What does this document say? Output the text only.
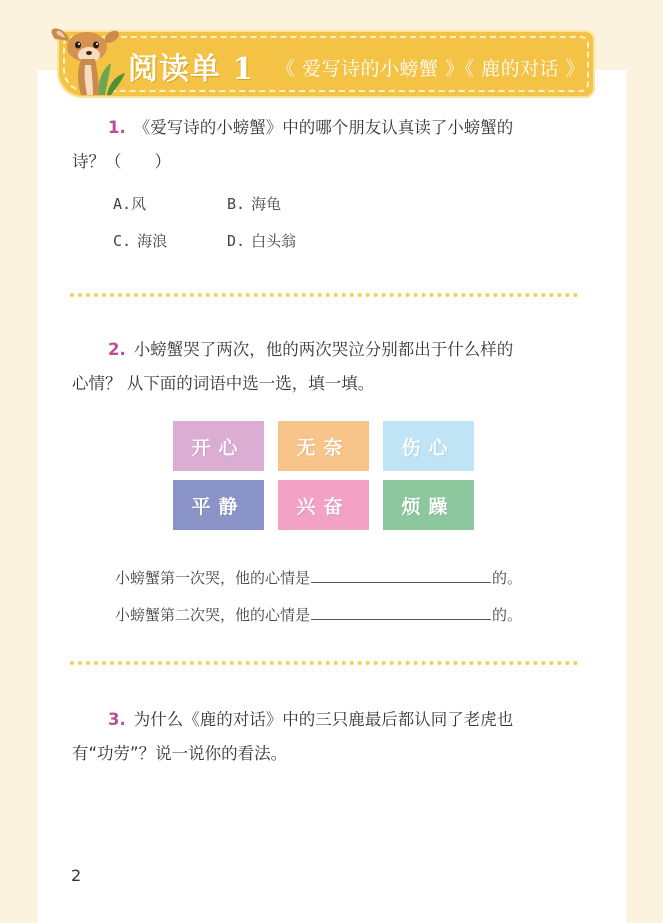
阅读单 1 《 爱写诗的小螃蟹 》《 鹿的对话 》
1. 《爱写诗的小螃蟹》中的哪个朋友认真读了小螃蟹的
诗？（　　）
A.风	B. 海龟
C. 海浪	D. 白头翁
2. 小螃蟹哭了两次，他的两次哭泣分别都出于什么样的
心情？ 从下面的词语中选一选，填一填。
开心	无奈	伤心
平静	兴奋	烦躁
小螃蟹第一次哭，他的心情是	的。
小螃蟹第二次哭，他的心情是	的。
3. 为什么《鹿的对话》中的三只鹿最后都认同了老虎也
有“功劳”？说一说你的看法。
2
